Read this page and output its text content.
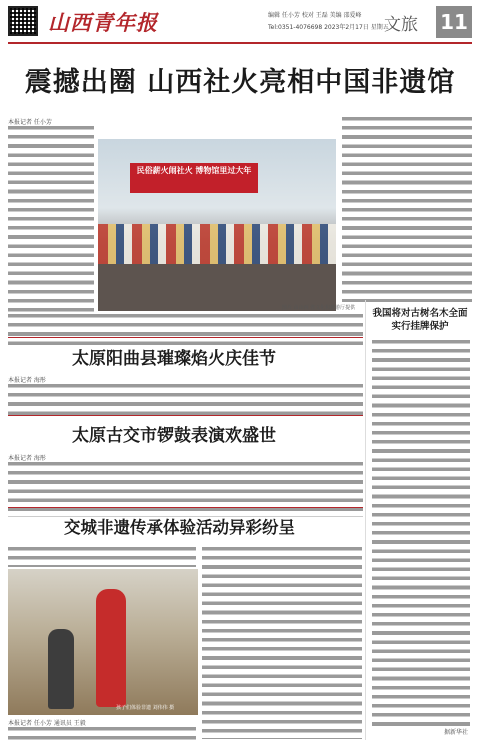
山西青年报	编辑 任小芳 校对 王磊 美编 邵爱峰
Tel:0351-4076698 2023年2月17日 星期五
文旅 11
震撼出圈 山西社火亮相中国非遗馆
本报记者 任小芳
民俗薪火闹社火 博物馆里过大年
图片 由山西 省文化和旅游厅提供
太原阳曲县璀璨焰火庆佳节
本报记者 海彤
太原古交市锣鼓表演欢盛世
本报记者 海彤
交城非遗传承体验活动异彩纷呈
孩子们体验非遗 刘伟伟 摄
本报记者 任小芳 通讯员 王毅
我国将对古树名木全面实行挂牌保护
据新华社
